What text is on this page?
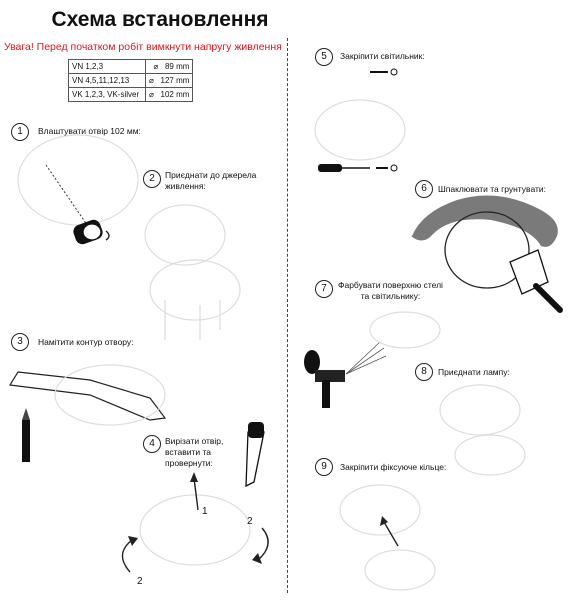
Схема встановлення
Увага! Перед початком робіт вимкнути напругу живлення
VN 1,2,3	⌀ 89 mm
VN 4,5,11,12,13	⌀ 127 mm
VK 1,2,3, VK-silver	⌀ 102 mm
1
2
3
4
5
6
7
8
9
Влаштувати отвір 102 мм:
Приєднати до джерела
живлення:
Намітити контур отвору:
Вирізати отвір,
вставити та
провернути:
Закріпити світильник:
Шпаклювати та грунтувати:
Фарбувати поверхню стелі
та світильнику:
Приєднати лампу:
Закріпити фіксуюче кільце:
1
2
2
